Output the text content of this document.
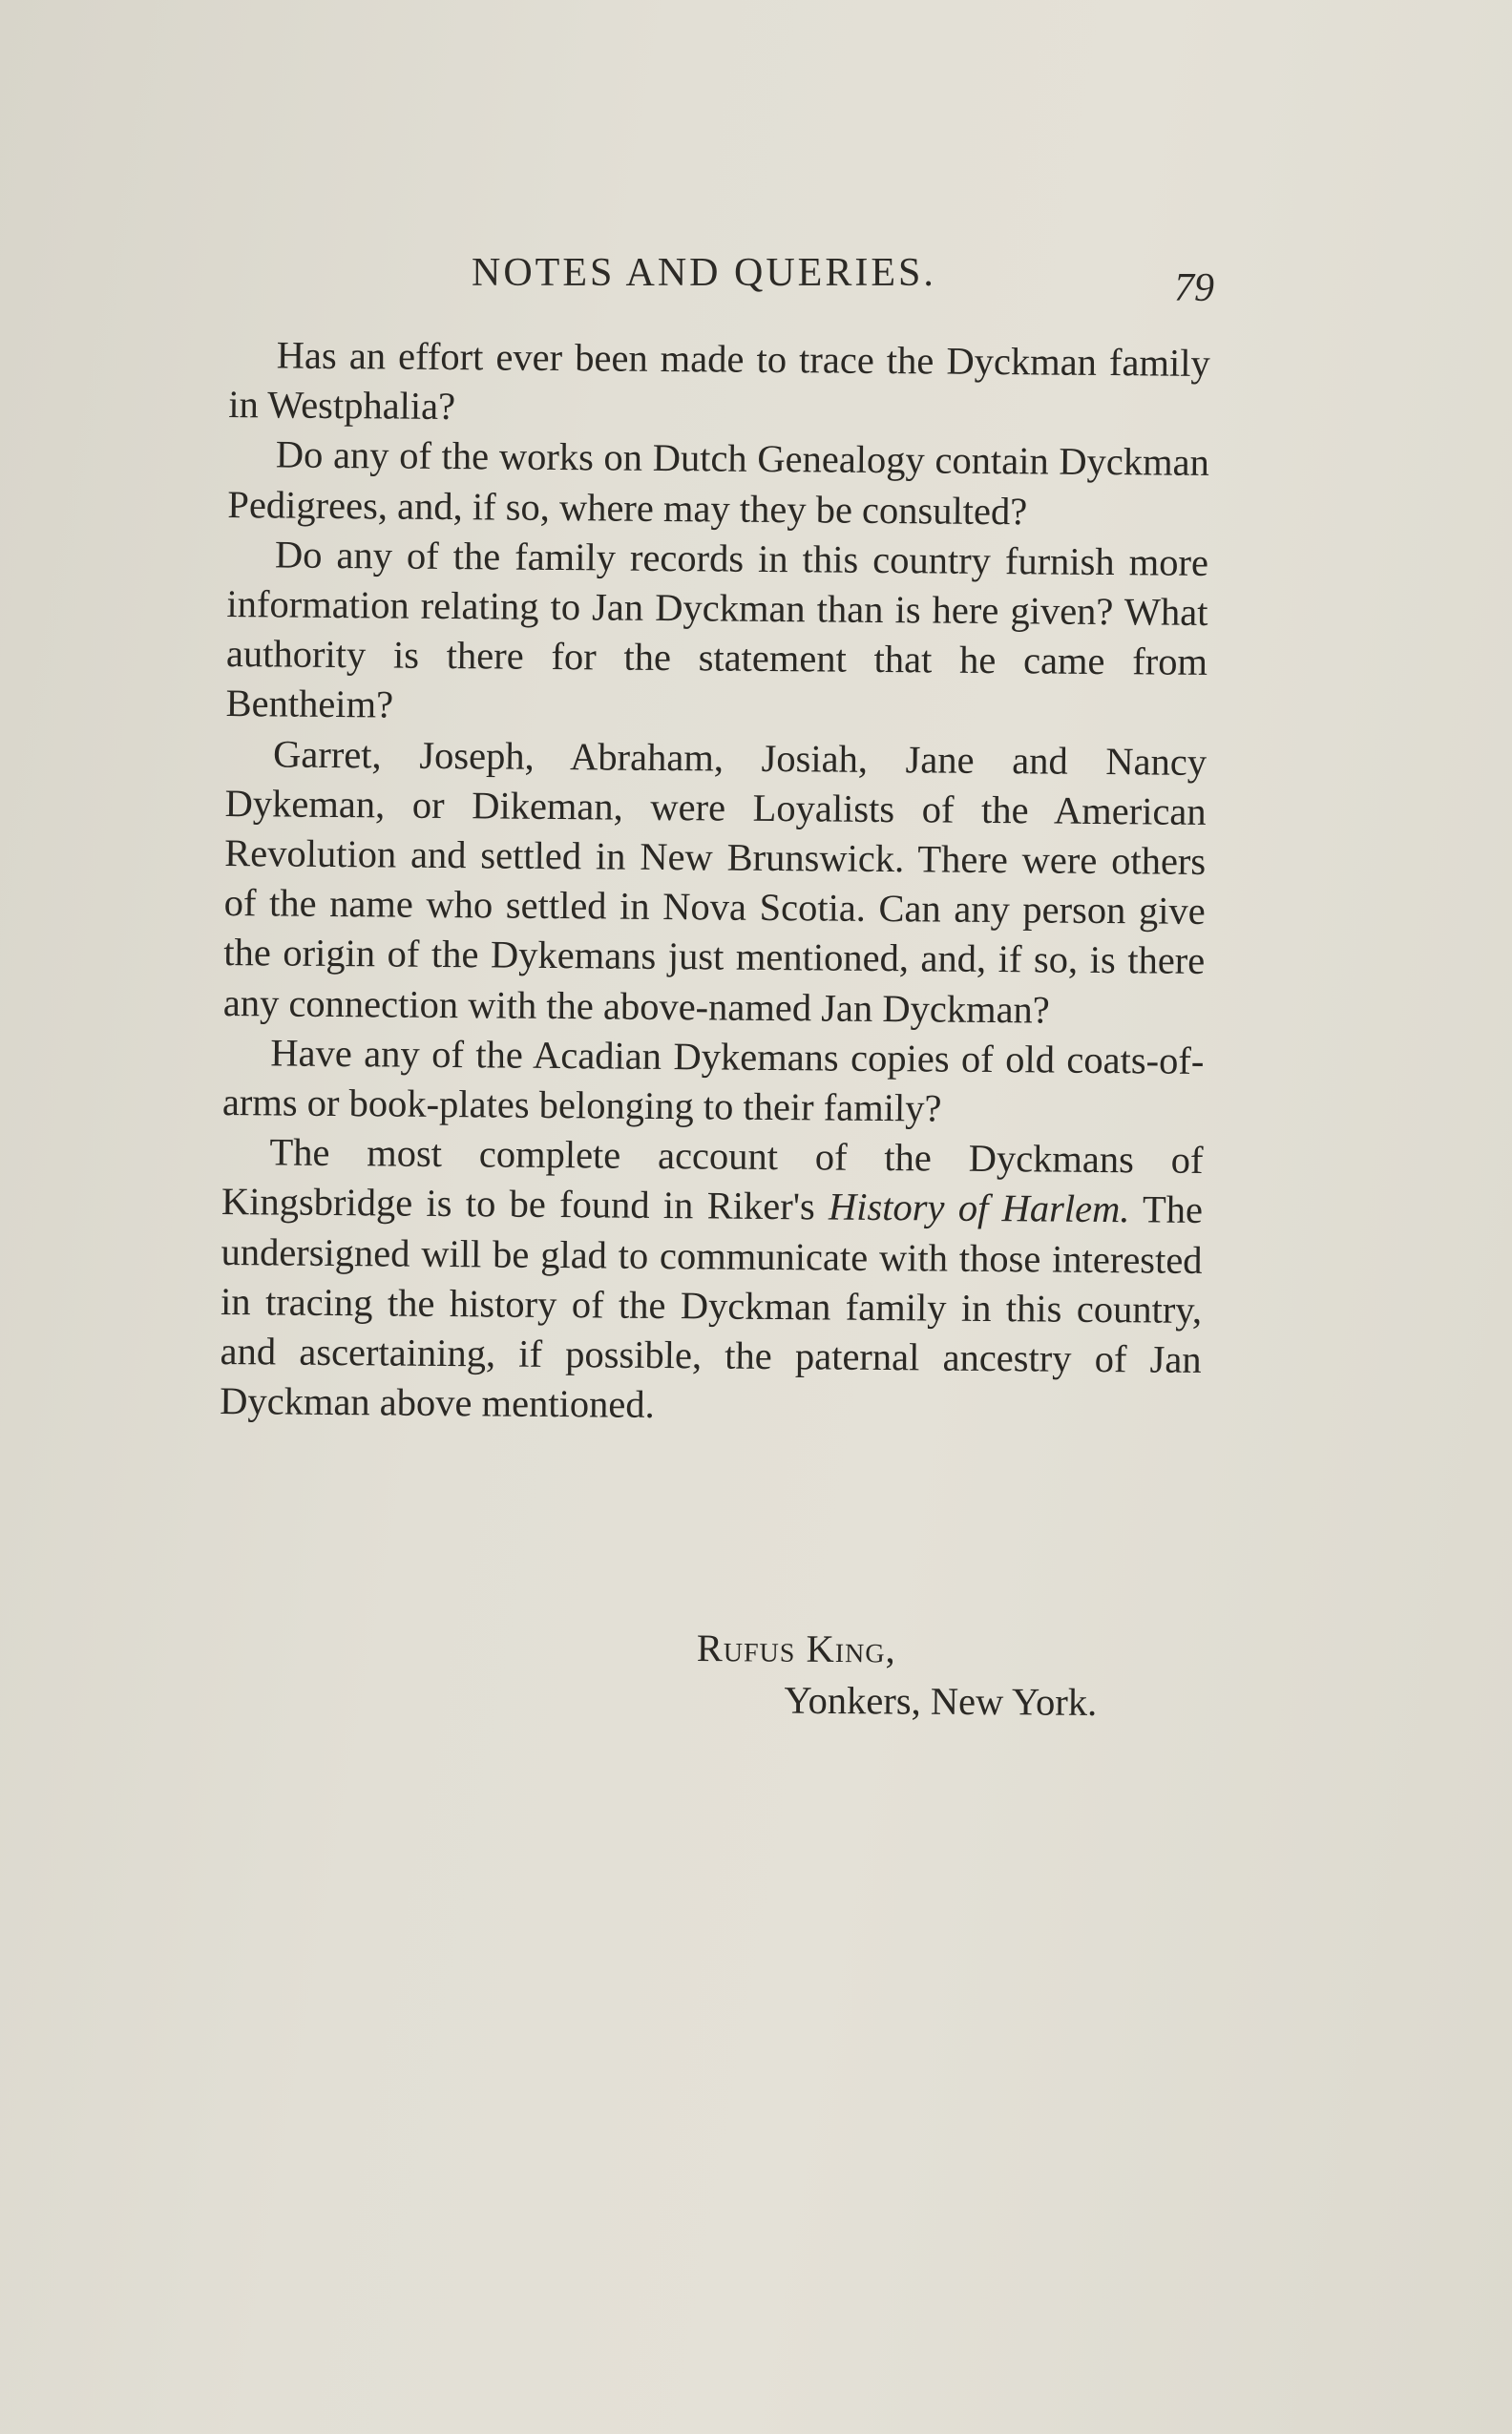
NOTES AND QUERIES.	79

Has an effort ever been made to trace the Dyckman family in Westphalia?

Do any of the works on Dutch Genealogy contain Dyckman Pedigrees, and, if so, where may they be consulted?

Do any of the family records in this country furnish more information relating to Jan Dyckman than is here given? What authority is there for the statement that he came from Bentheim?

Garret, Joseph, Abraham, Josiah, Jane and Nancy Dykeman, or Dikeman, were Loyalists of the American Revolution and settled in New Brunswick. There were others of the name who settled in Nova Scotia. Can any person give the origin of the Dykemans just mentioned, and, if so, is there any connection with the above-named Jan Dyckman?

Have any of the Acadian Dykemans copies of old coats-of-arms or book-plates belonging to their family?

The most complete account of the Dyckmans of Kingsbridge is to be found in Riker's History of Harlem. The undersigned will be glad to communicate with those interested in tracing the history of the Dyckman family in this country, and ascertaining, if possible, the paternal ancestry of Jan Dyckman above mentioned.

Rufus King,
Yonkers, New York.
